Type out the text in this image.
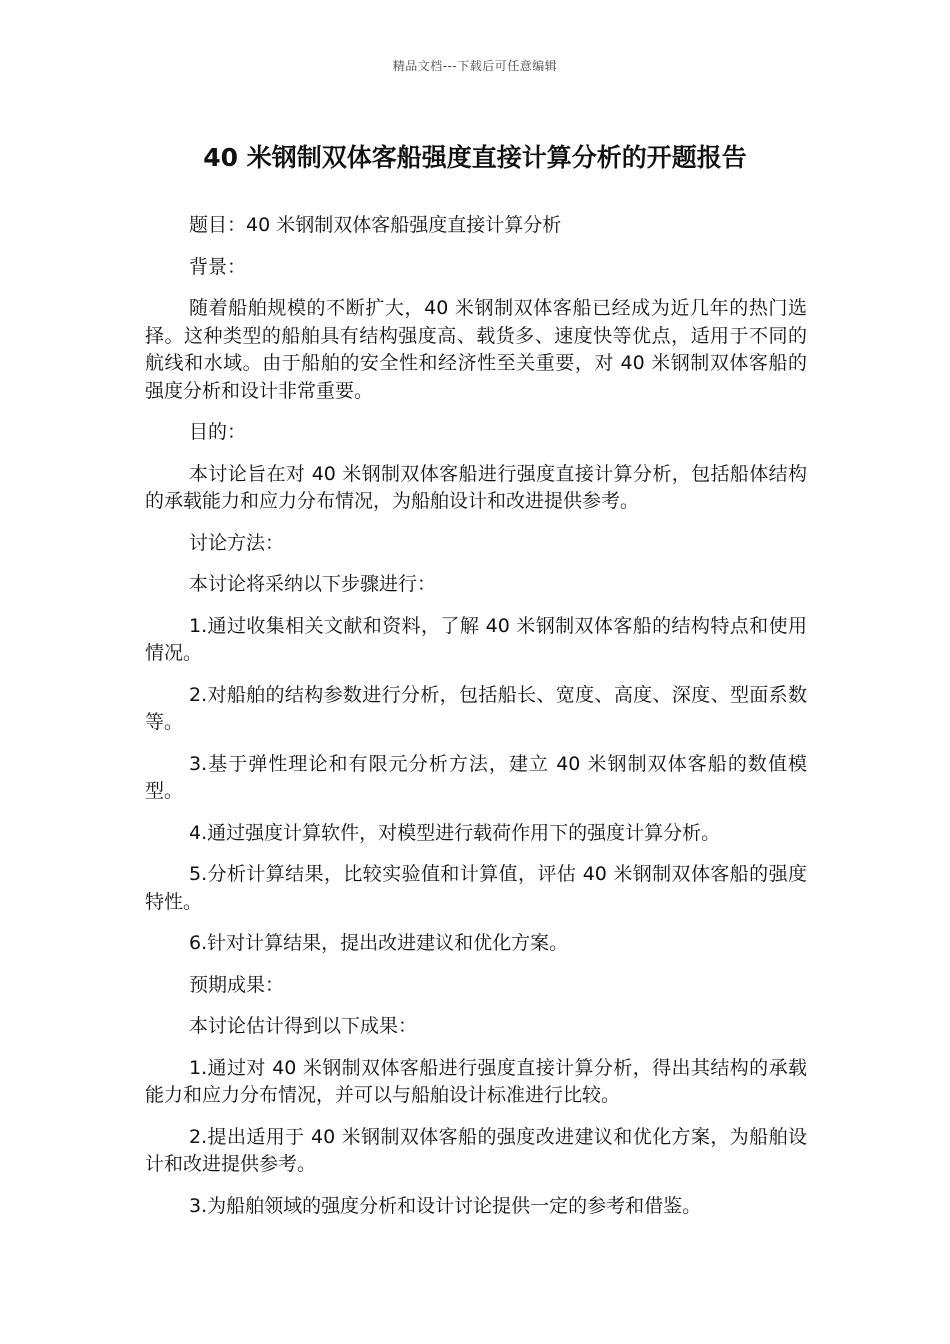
精品文档---下载后可任意编辑
40 米钢制双体客船强度直接计算分析的开题报告

题目：40 米钢制双体客船强度直接计算分析

背景：

随着船舶规模的不断扩大，40 米钢制双体客船已经成为近几年的热门选择。这种类型的船舶具有结构强度高、载货多、速度快等优点，适用于不同的航线和水域。由于船舶的安全性和经济性至关重要，对 40 米钢制双体客船的强度分析和设计非常重要。

目的：

本讨论旨在对 40 米钢制双体客船进行强度直接计算分析，包括船体结构的承载能力和应力分布情况，为船舶设计和改进提供参考。

讨论方法：

本讨论将采纳以下步骤进行：

1.通过收集相关文献和资料，了解 40 米钢制双体客船的结构特点和使用情况。

2.对船舶的结构参数进行分析，包括船长、宽度、高度、深度、型面系数等。

3.基于弹性理论和有限元分析方法，建立 40 米钢制双体客船的数值模型。

4.通过强度计算软件，对模型进行载荷作用下的强度计算分析。

5.分析计算结果，比较实验值和计算值，评估 40 米钢制双体客船的强度特性。

6.针对计算结果，提出改进建议和优化方案。

预期成果：

本讨论估计得到以下成果：

1.通过对 40 米钢制双体客船进行强度直接计算分析，得出其结构的承载能力和应力分布情况，并可以与船舶设计标准进行比较。

2.提出适用于 40 米钢制双体客船的强度改进建议和优化方案，为船舶设计和改进提供参考。

3.为船舶领域的强度分析和设计讨论提供一定的参考和借鉴。
